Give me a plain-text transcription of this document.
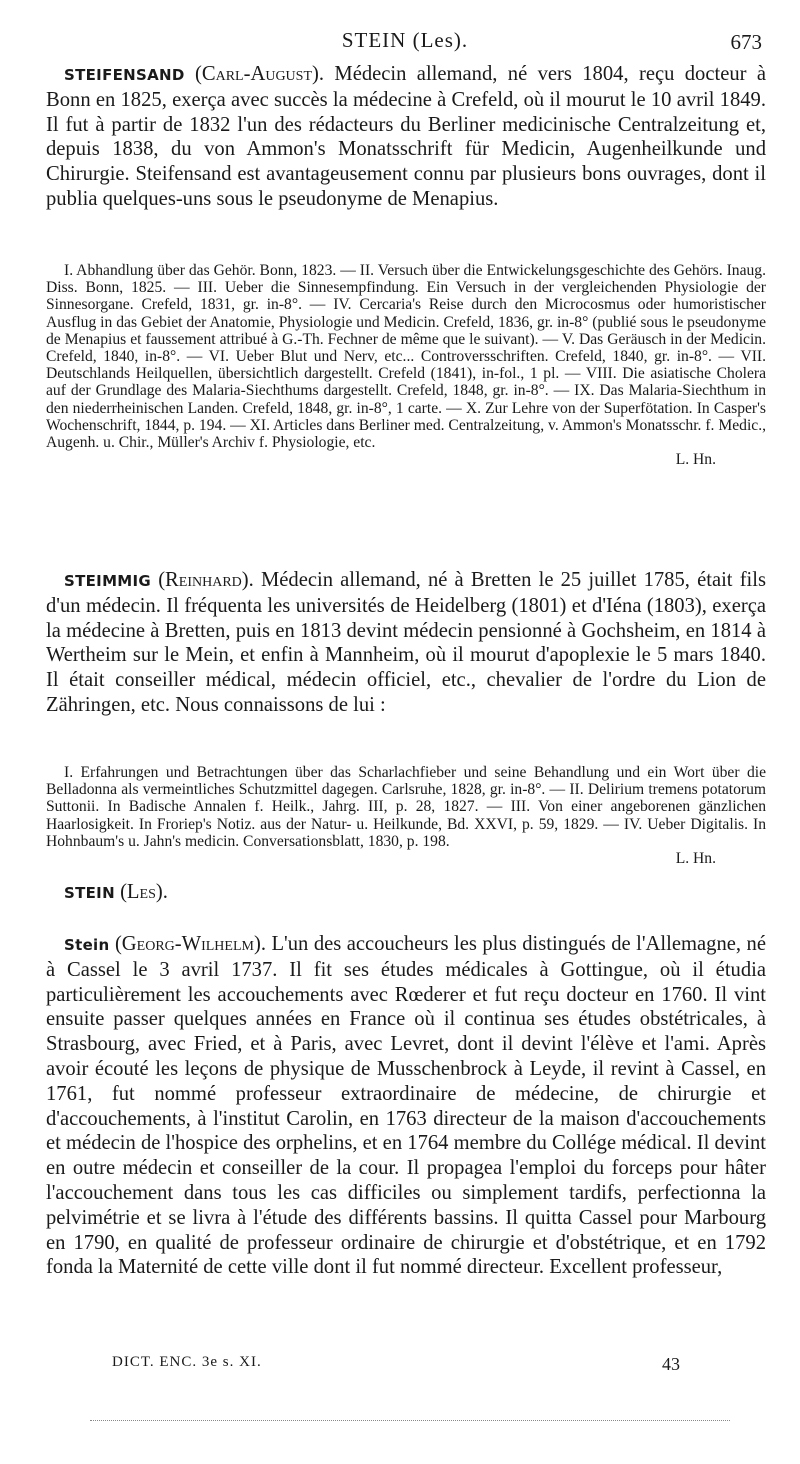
STEIN (Les).	673

STEIFENSAND (Carl-August). Médecin allemand, né vers 1804, reçu docteur à Bonn en 1825, exerça avec succès la médecine à Crefeld, où il mourut le 10 avril 1849. Il fut à partir de 1832 l'un des rédacteurs du Berliner medicinische Centralzeitung et, depuis 1838, du von Ammon's Monatsschrift für Medicin, Augenheilkunde und Chirurgie. Steifensand est avantageusement connu par plusieurs bons ouvrages, dont il publia quelques-uns sous le pseudonyme de Menapius.

I. Abhandlung über das Gehör. Bonn, 1823. — II. Versuch über die Entwickelungsgeschichte des Gehörs. Inaug. Diss. Bonn, 1825. — III. Ueber die Sinnesempfindung. Ein Versuch in der vergleichenden Physiologie der Sinnesorgane. Crefeld, 1831, gr. in-8°. — IV. Cercaria's Reise durch den Microcosmus oder humoristischer Ausflug in das Gebiet der Anatomie, Physiologie und Medicin. Crefeld, 1836, gr. in-8° (publié sous le pseudonyme de Menapius et faussement attribué à G.-Th. Fechner de même que le suivant). — V. Das Geräusch in der Medicin. Crefeld, 1840, in-8°. — VI. Ueber Blut und Nerv, etc... Controversschriften. Crefeld, 1840, gr. in-8°. — VII. Deutschlands Heilquellen, übersichtlich dargestellt. Crefeld (1841), in-fol., 1 pl. — VIII. Die asiatische Cholera auf der Grundlage des Malaria-Siechthums dargestellt. Crefeld, 1848, gr. in-8°. — IX. Das Malaria-Siechthum in den niederrheinischen Landen. Crefeld, 1848, gr. in-8°, 1 carte. — X. Zur Lehre von der Superfötation. In Casper's Wochenschrift, 1844, p. 194. — XI. Articles dans Berliner med. Centralzeitung, v. Ammon's Monatsschr. f. Medic., Augenh. u. Chir., Müller's Archiv f. Physiologie, etc.
L. Hn.

STEIMMIG (Reinhard). Médecin allemand, né à Bretten le 25 juillet 1785, était fils d'un médecin. Il fréquenta les universités de Heidelberg (1801) et d'Iéna (1803), exerça la médecine à Bretten, puis en 1813 devint médecin pensionné à Gochsheim, en 1814 à Wertheim sur le Mein, et enfin à Mannheim, où il mourut d'apoplexie le 5 mars 1840. Il était conseiller médical, médecin officiel, etc., chevalier de l'ordre du Lion de Zähringen, etc. Nous connaissons de lui :

I. Erfahrungen und Betrachtungen über das Scharlachfieber und seine Behandlung und ein Wort über die Belladonna als vermeintliches Schutzmittel dagegen. Carlsruhe, 1828, gr. in-8°. — II. Delirium tremens potatorum Suttonii. In Badische Annalen f. Heilk., Jahrg. III, p. 28, 1827. — III. Von einer angeborenen gänzlichen Haarlosigkeit. In Froriep's Notiz. aus der Natur- u. Heilkunde, Bd. XXVI, p. 59, 1829. — IV. Ueber Digitalis. In Hohnbaum's u. Jahn's medicin. Conversationsblatt, 1830, p. 198.
L. Hn.

STEIN (Les).

Stein (Georg-Wilhelm). L'un des accoucheurs les plus distingués de l'Allemagne, né à Cassel le 3 avril 1737. Il fit ses études médicales à Gottingue, où il étudia particulièrement les accouchements avec Rœderer et fut reçu docteur en 1760. Il vint ensuite passer quelques années en France où il continua ses études obstétricales, à Strasbourg, avec Fried, et à Paris, avec Levret, dont il devint l'élève et l'ami. Après avoir écouté les leçons de physique de Musschenbrock à Leyde, il revint à Cassel, en 1761, fut nommé professeur extraordinaire de médecine, de chirurgie et d'accouchements, à l'institut Carolin, en 1763 directeur de la maison d'accouchements et médecin de l'hospice des orphelins, et en 1764 membre du Collége médical. Il devint en outre médecin et conseiller de la cour. Il propagea l'emploi du forceps pour hâter l'accouchement dans tous les cas difficiles ou simplement tardifs, perfectionna la pelvimétrie et se livra à l'étude des différents bassins. Il quitta Cassel pour Marbourg en 1790, en qualité de professeur ordinaire de chirurgie et d'obstétrique, et en 1792 fonda la Maternité de cette ville dont il fut nommé directeur. Excellent professeur,

DICT. ENC. 3e s. XI.	43
